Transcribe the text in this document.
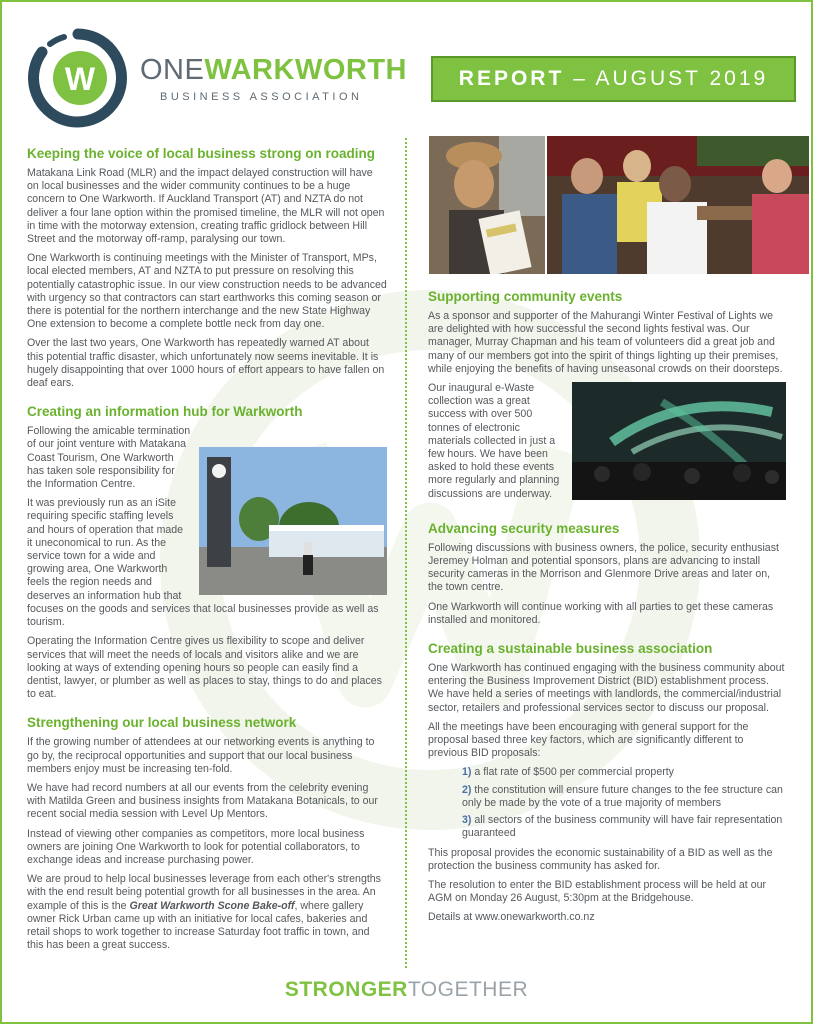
W ONEWARKWORTH
BUSINESS ASSOCIATION
REPORT – AUGUST 2019
Keeping the voice of local business strong on roading

Matakana Link Road (MLR) and the impact delayed construction will have on local businesses and the wider community continues to be a huge concern to One Warkworth. If Auckland Transport (AT) and NZTA do not deliver a four lane option within the promised timeline, the MLR will not open in time with the motorway extension, creating traffic gridlock between Hill Street and the motorway off-ramp, paralysing our town.

One Warkworth is continuing meetings with the Minister of Transport, MPs, local elected members, AT and NZTA to put pressure on resolving this potentially catastrophic issue. In our view construction needs to be advanced with urgency so that contractors can start earthworks this coming season or there is potential for the northern interchange and the new State Highway One extension to become a complete bottle neck from day one.

Over the last two years, One Warkworth has repeatedly warned AT about this potential traffic disaster, which unfortunately now seems inevitable. It is hugely disappointing that over 1000 hours of effort appears to have fallen on deaf ears.

Creating an information hub for Warkworth

Following the amicable termination of our joint venture with Matakana Coast Tourism, One Warkworth has taken sole responsibility for the Information Centre.

It was previously run as an iSite requiring specific staffing levels and hours of operation that made it uneconomical to run. As the service town for a wide and growing area, One Warkworth feels the region needs and deserves an information hub that focuses on the goods and services that local businesses provide as well as tourism.

Operating the Information Centre gives us flexibility to scope and deliver services that will meet the needs of locals and visitors alike and we are looking at ways of extending opening hours so people can easily find a dentist, lawyer, or plumber as well as places to stay, things to do and places to eat.

Strengthening our local business network

If the growing number of attendees at our networking events is anything to go by, the reciprocal opportunities and support that our local business members enjoy must be increasing ten-fold.

We have had record numbers at all our events from the celebrity evening with Matilda Green and business insights from Matakana Botanicals, to our recent social media session with Level Up Mentors.

Instead of viewing other companies as competitors, more local business owners are joining One Warkworth to look for potential collaborators, to exchange ideas and increase purchasing power.

We are proud to help local businesses leverage from each other's strengths with the end result being potential growth for all businesses in the area. An example of this is the Great Warkworth Scone Bake-off, where gallery owner Rick Urban came up with an initiative for local cafes, bakeries and retail shops to work together to increase Saturday foot traffic in town, and this has been a great success.

Supporting community events

As a sponsor and supporter of the Mahurangi Winter Festival of Lights we are delighted with how successful the second lights festival was. Our manager, Murray Chapman and his team of volunteers did a great job and many of our members got into the spirit of things lighting up their premises, while enjoying the benefits of having unseasonal crowds on their doorsteps.

Our inaugural e-Waste collection was a great success with over 500 tonnes of electronic materials collected in just a few hours. We have been asked to hold these events more regularly and planning discussions are underway.

Advancing security measures

Following discussions with business owners, the police, security enthusiast Jeremey Holman and potential sponsors, plans are advancing to install security cameras in the Morrison and Glenmore Drive areas and later on, the town centre.

One Warkworth will continue working with all parties to get these cameras installed and monitored.

Creating a sustainable business association

One Warkworth has continued engaging with the business community about entering the Business Improvement District (BID) establishment process. We have held a series of meetings with landlords, the commercial/industrial sector, retailers and professional services sector to discuss our proposal.

All the meetings have been encouraging with general support for the proposal based three key factors, which are significantly different to previous BID proposals:

1) a flat rate of $500 per commercial property
2) the constitution will ensure future changes to the fee structure can only be made by the vote of a true majority of members
3) all sectors of the business community will have fair representation guaranteed

This proposal provides the economic sustainability of a BID as well as the protection the business community has asked for.

The resolution to enter the BID establishment process will be held at our AGM on Monday 26 August, 5:30pm at the Bridgehouse.

Details at www.onewarkworth.co.nz

STRONGERTOGETHER
